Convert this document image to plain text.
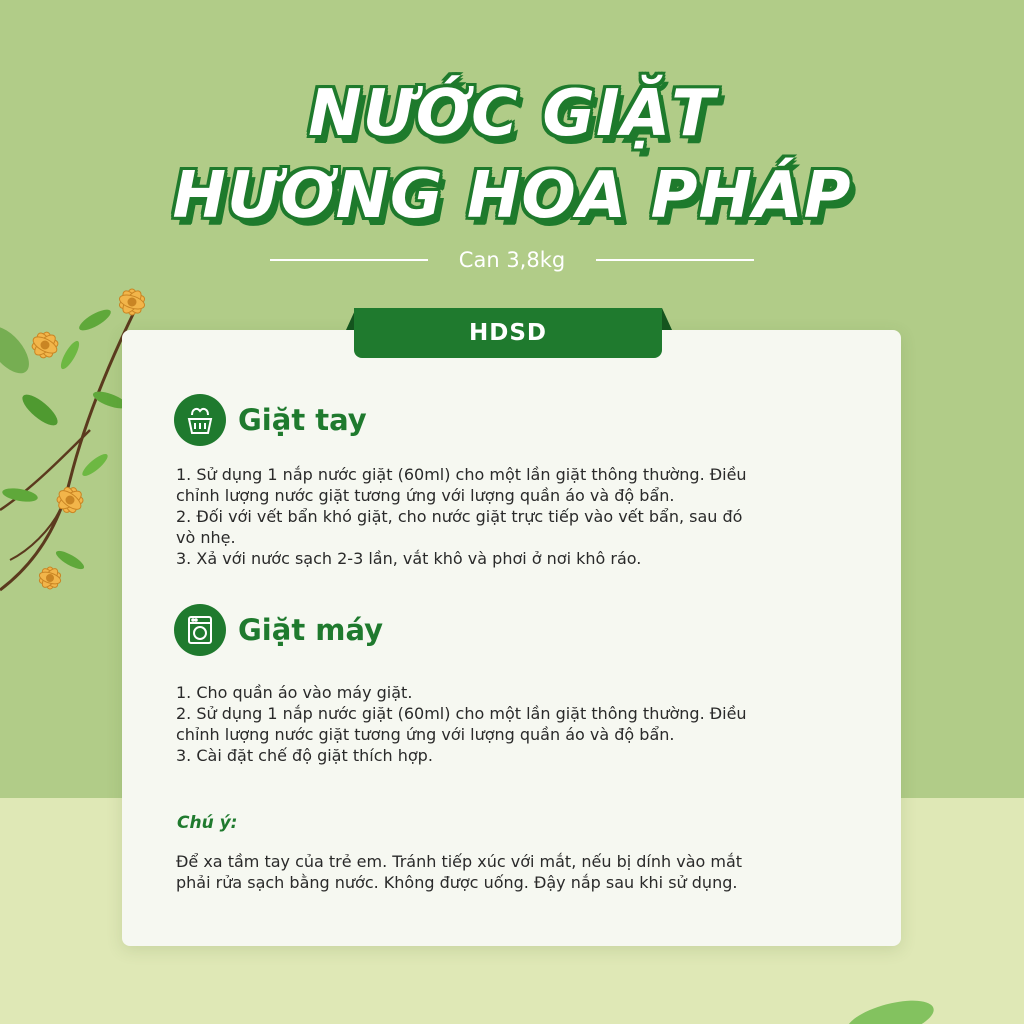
NƯỚC GIẶT
HƯƠNG HOA PHÁP
Can 3,8kg
HDSD
Giặt tay
1. Sử dụng 1 nắp nước giặt (60ml) cho một lần giặt thông thường. Điều
chỉnh lượng nước giặt tương ứng với lượng quần áo và độ bẩn.
2. Đối với vết bẩn khó giặt, cho nước giặt trực tiếp vào vết bẩn, sau đó
vò nhẹ.
3. Xả với nước sạch 2-3 lần, vắt khô và phơi ở nơi khô ráo.
Giặt máy
1. Cho quần áo vào máy giặt.
2. Sử dụng 1 nắp nước giặt (60ml) cho một lần giặt thông thường. Điều
chỉnh lượng nước giặt tương ứng với lượng quần áo và độ bẩn.
3. Cài đặt chế độ giặt thích hợp.
Chú ý:
Để xa tầm tay của trẻ em. Tránh tiếp xúc với mắt, nếu bị dính vào mắt
phải rửa sạch bằng nước. Không được uống. Đậy nắp sau khi sử dụng.
